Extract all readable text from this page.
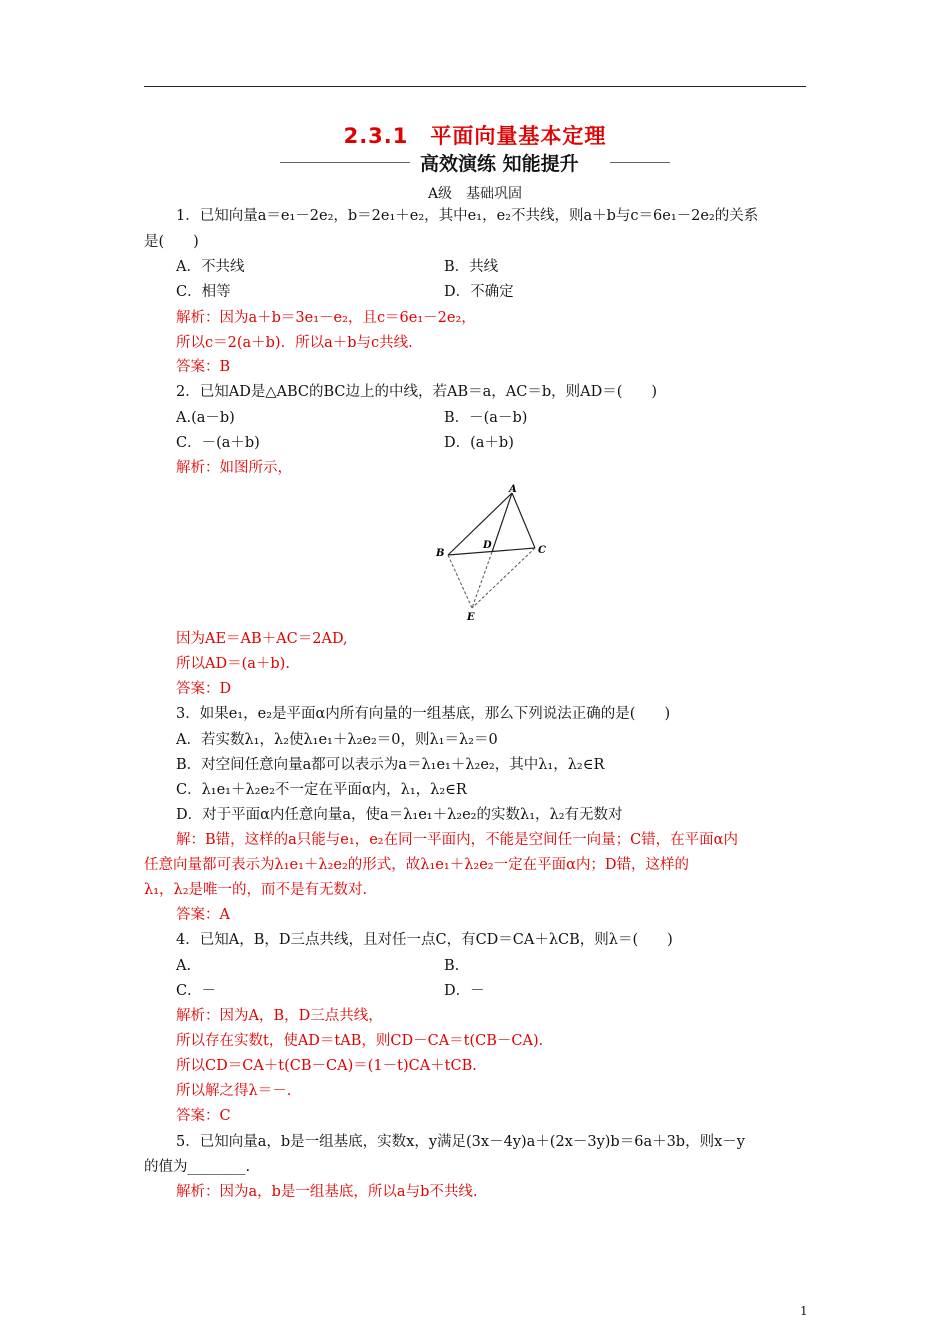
2.3.1　平面向量基本定理
高效演练 知能提升
A级　基础巩固
1．已知向量a＝e₁－2e₂，b＝2e₁＋e₂，其中e₁，e₂不共线，则a＋b与c＝6e₁－2e₂的关系
是(　　)
A．不共线	B．共线
C．相等	D．不确定
解析：因为a＋b＝3e₁－e₂，且c＝6e₁－2e₂，
所以c＝2(a＋b)．所以a＋b与c共线.
答案：B
2．已知AD是△ABC的BC边上的中线，若AB＝a，AC＝b，则AD＝(　　)
A.(a－b)	B．－(a－b)
C．－(a＋b)	D．(a＋b)
解析：如图所示，
A
B	C
D
E
因为AE＝AB＋AC＝2AD,
所以AD＝(a＋b).
答案：D
3．如果e₁，e₂是平面α内所有向量的一组基底，那么下列说法正确的是(　　)
A．若实数λ₁，λ₂使λ₁e₁＋λ₂e₂＝0，则λ₁＝λ₂＝0
B．对空间任意向量a都可以表示为a＝λ₁e₁＋λ₂e₂，其中λ₁，λ₂∈R
C．λ₁e₁＋λ₂e₂不一定在平面α内，λ₁，λ₂∈R
D．对于平面α内任意向量a，使a＝λ₁e₁＋λ₂e₂的实数λ₁，λ₂有无数对
解：B错，这样的a只能与e₁，e₂在同一平面内，不能是空间任一向量；C错，在平面α内
任意向量都可表示为λ₁e₁＋λ₂e₂的形式，故λ₁e₁＋λ₂e₂一定在平面α内；D错，这样的
λ₁，λ₂是唯一的，而不是有无数对.
答案：A
4．已知A，B，D三点共线，且对任一点C，有CD＝CA＋λCB，则λ＝(　　)
A.	B.
C．－	D．－
解析：因为A，B，D三点共线，
所以存在实数t，使AD＝tAB，则CD－CA＝t(CB－CA).
所以CD＝CA＋t(CB－CA)＝(1－t)CA＋tCB.
所以解之得λ＝－.
答案：C
5．已知向量a，b是一组基底，实数x，y满足(3x－4y)a＋(2x－3y)b＝6a＋3b，则x－y
的值为________.
解析：因为a，b是一组基底，所以a与b不共线.
1
